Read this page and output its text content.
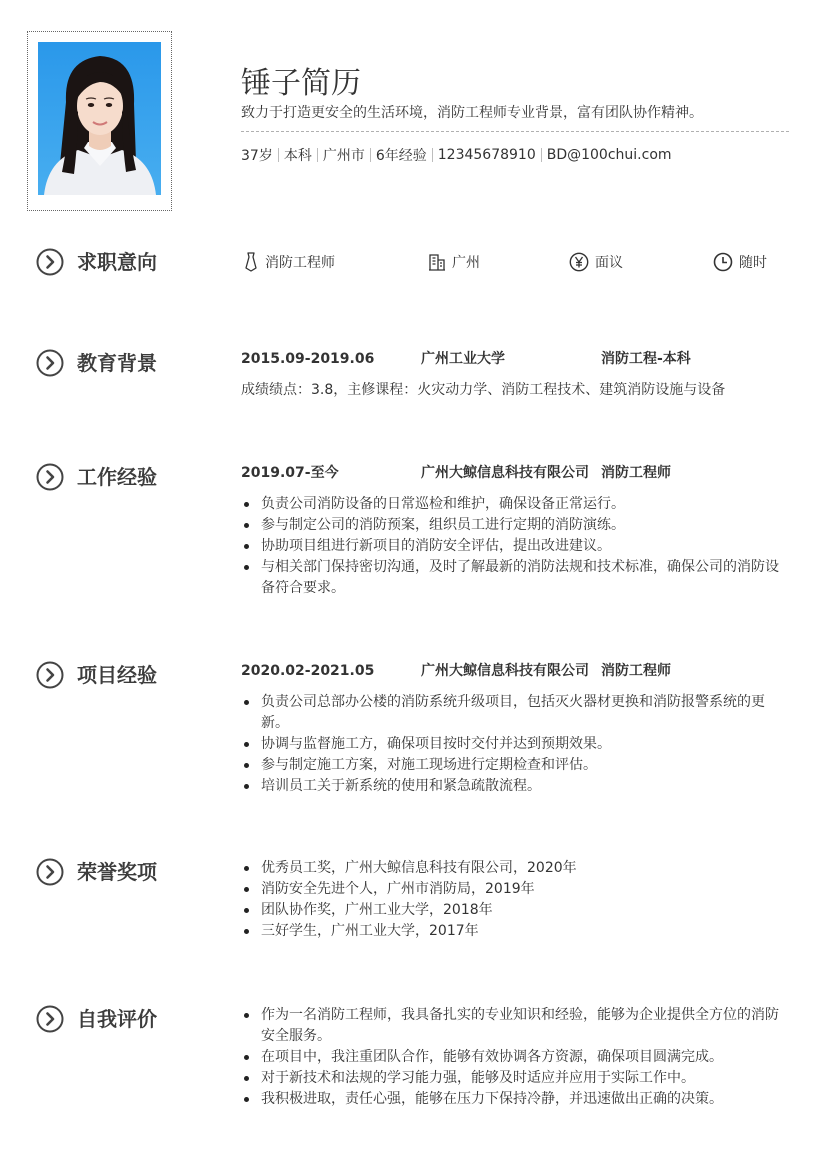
锤子简历
致力于打造更安全的生活环境，消防工程师专业背景，富有团队协作精神。
37岁 本科 广州市 6年经验 12345678910 BD@100chui.com
求职意向	消防工程师	广州	面议	随时
教育背景	2015.09-2019.06	广州工业大学	消防工程-本科
成绩绩点：3.8，主修课程：火灾动力学、消防工程技术、建筑消防设施与设备
工作经验	2019.07-至今	广州大鲸信息科技有限公司 消防工程师
负责公司消防设备的日常巡检和维护，确保设备正常运行。
参与制定公司的消防预案，组织员工进行定期的消防演练。
协助项目组进行新项目的消防安全评估，提出改进建议。
与相关部门保持密切沟通，及时了解最新的消防法规和技术标准，确保公司的消防设备符合要求。
项目经验	2020.02-2021.05	广州大鲸信息科技有限公司 消防工程师
负责公司总部办公楼的消防系统升级项目，包括灭火器材更换和消防报警系统的更新。
协调与监督施工方，确保项目按时交付并达到预期效果。
参与制定施工方案，对施工现场进行定期检查和评估。
培训员工关于新系统的使用和紧急疏散流程。
荣誉奖项	优秀员工奖，广州大鲸信息科技有限公司，2020年
消防安全先进个人，广州市消防局，2019年
团队协作奖，广州工业大学，2018年
三好学生，广州工业大学，2017年
自我评价	作为一名消防工程师，我具备扎实的专业知识和经验，能够为企业提供全方位的消防安全服务。
在项目中，我注重团队合作，能够有效协调各方资源，确保项目圆满完成。
对于新技术和法规的学习能力强，能够及时适应并应用于实际工作中。
我积极进取，责任心强，能够在压力下保持冷静，并迅速做出正确的决策。
